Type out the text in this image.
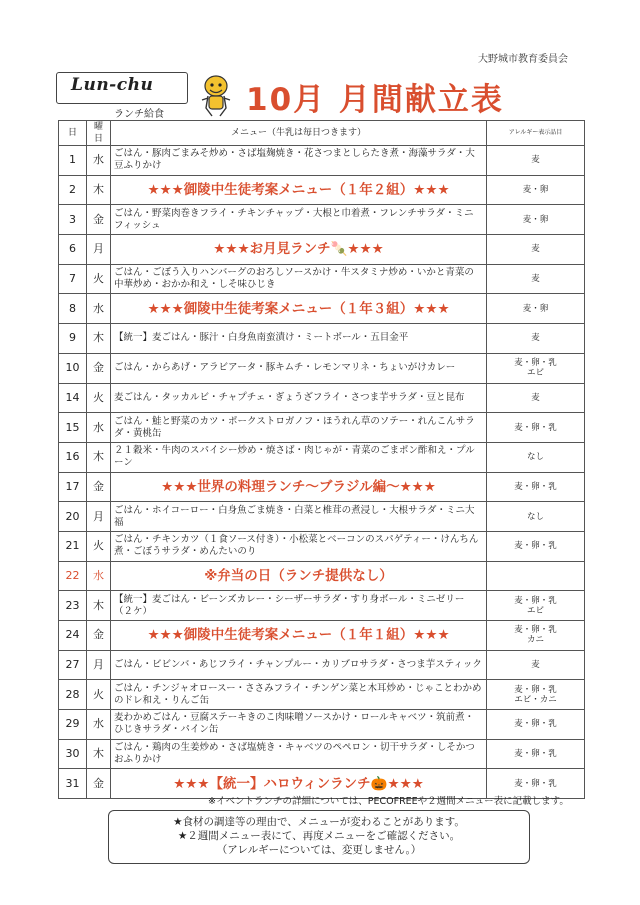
大野城市教育委員会
Lun-chu
ランチ給食	10月 月間献立表
日	曜日	メニュー（牛乳は毎日つきます）	アレルギー表示品目
1	水	ごはん・豚肉ごまみそ炒め・さば塩麹焼き・花さつまとしらたき煮・海藻サラダ・大豆ふりかけ	麦
2	木	★★★御陵中生徒考案メニュー（１年２組）★★★	麦・卵
3	金	ごはん・野菜肉巻きフライ・チキンチャップ・大根と巾着煮・フレンチサラダ・ミニフィッシュ	麦・卵
6	月	★★★お月見ランチ🍡★★★	麦
7	火	ごはん・ごぼう入りハンバーグのおろしソースかけ・牛スタミナ炒め・いかと青菜の中華炒め・おかか和え・しそ味ひじき	麦
8	水	★★★御陵中生徒考案メニュー（１年３組）★★★	麦・卵
9	木	【統一】麦ごはん・豚汁・白身魚南蛮漬け・ミートボール・五目金平	麦
10	金	ごはん・からあげ・アラビアータ・豚キムチ・レモンマリネ・ちょいがけカレー	麦・卵・乳
エビ
14	火	麦ごはん・タッカルビ・チャプチェ・ぎょうざフライ・さつま芋サラダ・豆と昆布	麦
15	水	ごはん・鮭と野菜のカツ・ポークストロガノフ・ほうれん草のソテー・れんこんサラダ・黄桃缶	麦・卵・乳
16	木	２１穀米・牛肉のスパイシー炒め・焼さば・肉じゃが・青菜のごまポン酢和え・プルーン	なし
17	金	★★★世界の料理ランチ～ブラジル編～★★★	麦・卵・乳
20	月	ごはん・ホイコーロー・白身魚ごま焼き・白菜と椎茸の煮浸し・大根サラダ・ミニ大福	なし
21	火	ごはん・チキンカツ（１食ソース付き）・小松菜とベーコンのスパゲティー・けんちん煮・ごぼうサラダ・めんたいのり	麦・卵・乳
22	水	※弁当の日（ランチ提供なし）	
23	木	【統一】麦ごはん・ビーンズカレー・シーザーサラダ・すり身ボール・ミニゼリー（２ケ）	麦・卵・乳
エビ
24	金	★★★御陵中生徒考案メニュー（１年１組）★★★	麦・卵・乳
カニ
27	月	ごはん・ビビンバ・あじフライ・チャンプルー・カリブロサラダ・さつま芋スティック	麦
28	火	ごはん・チンジャオロースー・ささみフライ・チンゲン菜と木耳炒め・じゃことわかめのドレ和え・りんご缶	麦・卵・乳
エビ・カニ
29	水	麦わかめごはん・豆腐ステーキきのこ肉味噌ソースかけ・ロールキャベツ・筑前煮・ひじきサラダ・パイン缶	麦・卵・乳
30	木	ごはん・鶏肉の生姜炒め・さば塩焼き・キャベツのペペロン・切干サラダ・しそかつおふりかけ	麦・卵・乳
31	金	★★★【統一】ハロウィンランチ🎃★★★	麦・卵・乳
※イベントランチの詳細については、PECOFREEや２週間メニュー表に記載します。
★食材の調達等の理由で、メニューが変わることがあります。
★２週間メニュー表にて、再度メニューをご確認ください。
（アレルギーについては、変更しません。）
